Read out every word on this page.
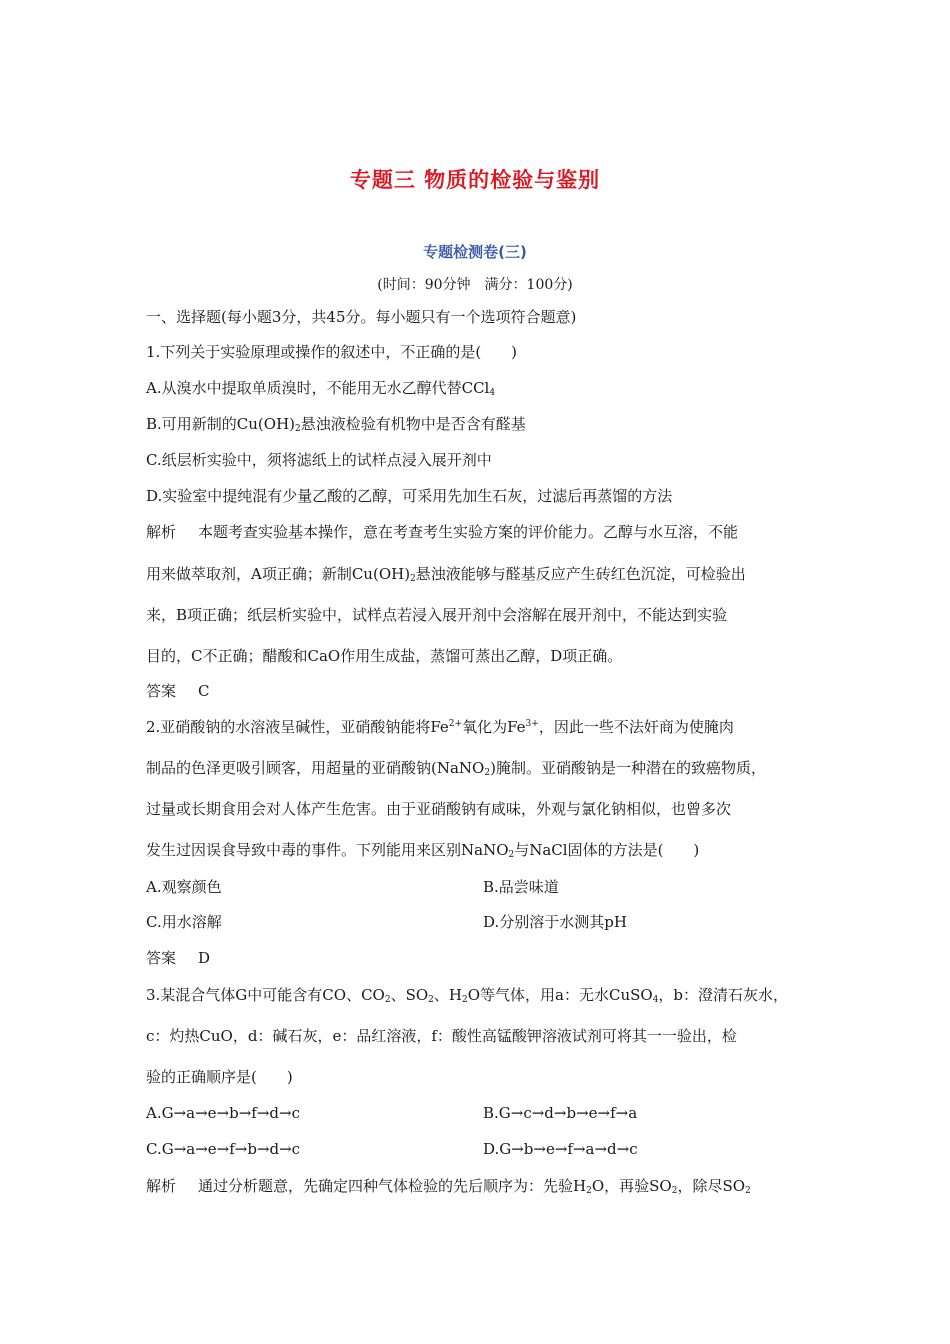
专题三 物质的检验与鉴别
专题检测卷(三)
(时间：90分钟　满分：100分)
一、选择题(每小题3分，共45分。每小题只有一个选项符合题意)
1.下列关于实验原理或操作的叙述中，不正确的是(　　)
A.从溴水中提取单质溴时，不能用无水乙醇代替CCl$_4$
B.可用新制的$Cu(OH)_2$悬浊液检验有机物中是否含有醛基
C.纸层析实验中，须将滤纸上的试样点浸入展开剂中
D.实验室中提纯混有少量乙酸的乙醇，可采用先加生石灰，过滤后再蒸馏的方法
解析 本题考查实验基本操作，意在考查考生实验方案的评价能力。乙醇与水互溶，不能
用来做萃取剂，A项正确；新制$Cu(OH)_2$悬浊液能够与醛基反应产生砖红色沉淀，可检验出
来，B项正确；纸层析实验中，试样点若浸入展开剂中会溶解在展开剂中，不能达到实验
目的，C不正确；醋酸和CaO作用生成盐，蒸馏可蒸出乙醇，D项正确。
答案 C
2.亚硝酸钠的水溶液呈碱性，亚硝酸钠能将$Fe^{2+}$氧化为$Fe^{3+}$，因此一些不法奸商为使腌肉
制品的色泽更吸引顾客，用超量的亚硝酸钠(NaNO$_2$)腌制。亚硝酸钠是一种潜在的致癌物质，
过量或长期食用会对人体产生危害。由于亚硝酸钠有咸味，外观与氯化钠相似，也曾多次
发生过因误食导致中毒的事件。下列能用来区别NaNO$_2$与NaCl固体的方法是(　　)
A.观察颜色	B.品尝味道
C.用水溶解	D.分别溶于水测其pH
答案 D
3.某混合气体G中可能含有CO、$CO_2$、$SO_2$、$H_2O$等气体，用a：无水CuSO$_4$，b：澄清石灰水，
c：灼热CuO，d：碱石灰，e：品红溶液，f：酸性高锰酸钾溶液试剂可将其一一验出，检
验的正确顺序是(　　)
A.G→a→e→b→f→d→c	B.G→c→d→b→e→f→a
C.G→a→e→f→b→d→c	D.G→b→e→f→a→d→c
解析 通过分析题意，先确定四种气体检验的先后顺序为：先验$H_2O$，再验$SO_2$，除尽$SO_2$
